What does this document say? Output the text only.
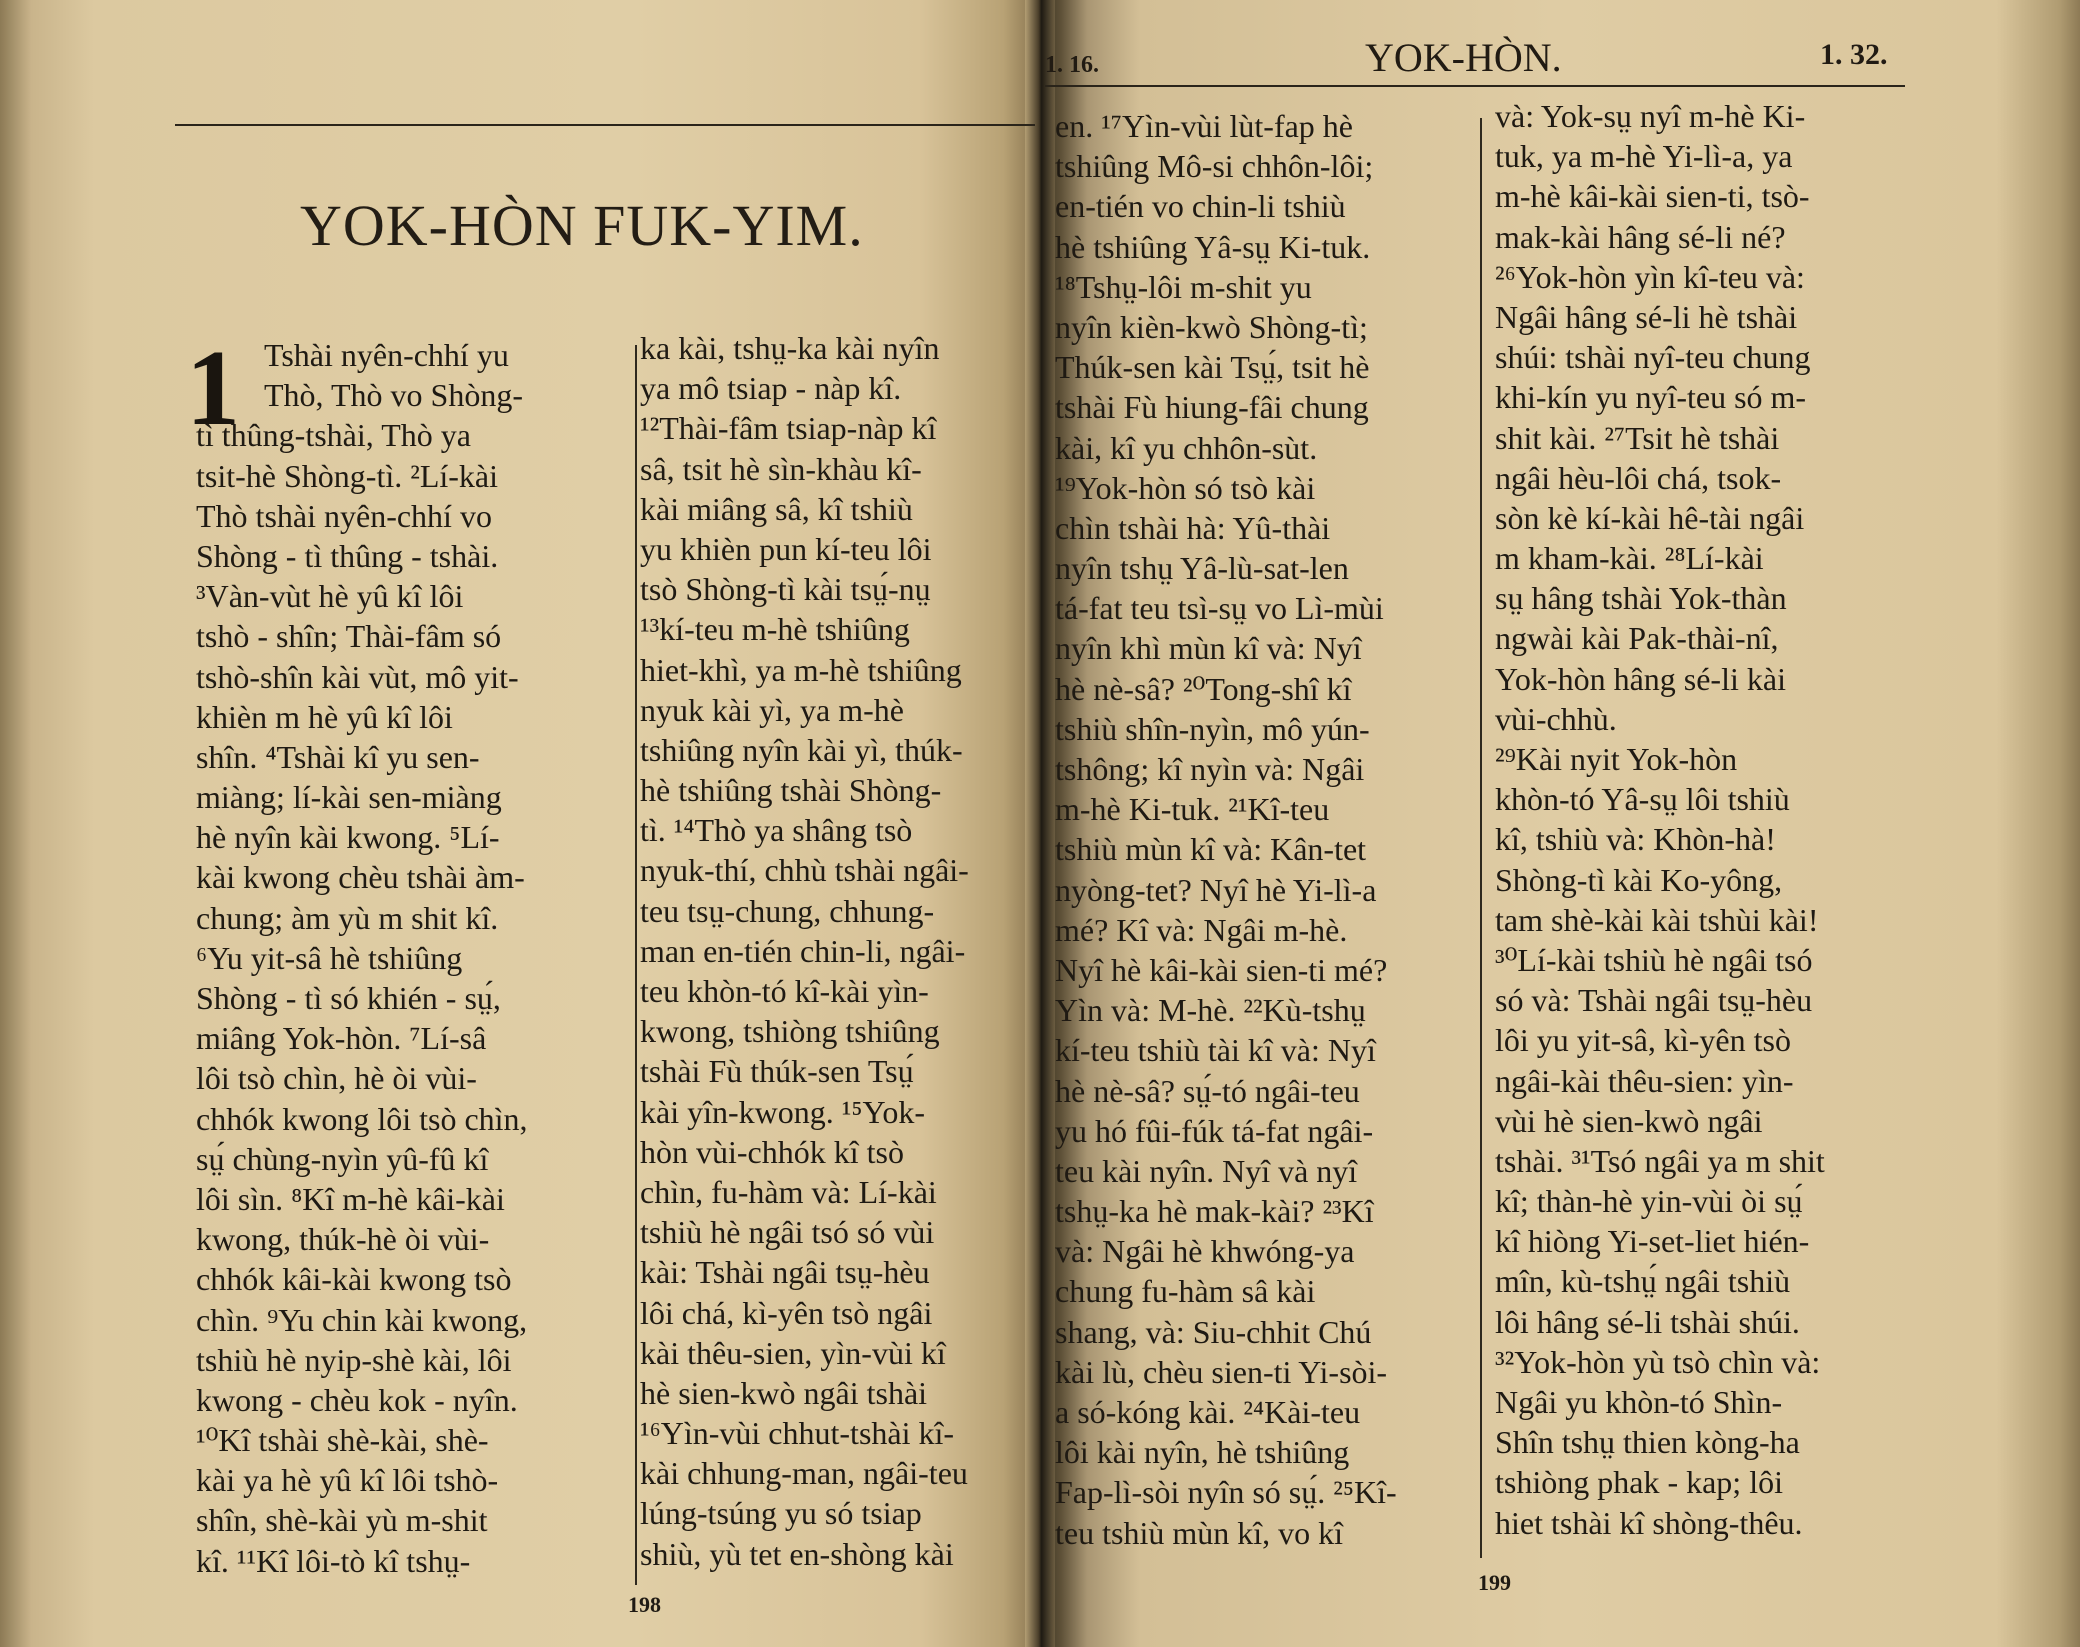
YOK-HÒN FUK-YIM.
1 Tshài nyên-chhí yu
Thò, Thò vo Shòng-
tì thûng-tshài, Thò ya
tsit-hè Shòng-tì. ²Lí-kài
Thò tshài nyên-chhí vo
Shòng - tì thûng - tshài.
³Vàn-vùt hè yû kî lôi
tshò - shîn; Thài-fâm só
tshò-shîn kài vùt, mô yit-
khièn m hè yû kî lôi
shîn. ⁴Tshài kî yu sen-
miàng; lí-kài sen-miàng
hè nyîn kài kwong. ⁵Lí-
kài kwong chèu tshài àm-
chung; àm yù m shit kî.
⁶Yu yit-sâ hè tshiûng
Shòng - tì só khién - sṳ́,
miâng Yok-hòn. ⁷Lí-sâ
lôi tsò chìn, hè òi vùi-
chhók kwong lôi tsò chìn,
sṳ́ chùng-nyìn yû-fû kî
lôi sìn. ⁸Kî m-hè kâi-kài
kwong, thúk-hè òi vùi-
chhók kâi-kài kwong tsò
chìn. ⁹Yu chin kài kwong,
tshiù hè nyip-shè kài, lôi
kwong - chèu kok - nyîn.
¹⁰Kî tshài shè-kài, shè-
kài ya hè yû kî lôi tshò-
shîn, shè-kài yù m-shit
kî. ¹¹Kî lôi-tò kî tshṳ-
ka kài, tshṳ-ka kài nyîn
ya mô tsiap - nàp kî.
¹²Thài-fâm tsiap-nàp kî
sâ, tsit hè sìn-khàu kî-
kài miâng sâ, kî tshiù
yu khièn pun kí-teu lôi
tsò Shòng-tì kài tsṳ́-nṳ
¹³kí-teu m-hè tshiûng
hiet-khì, ya m-hè tshiûng
nyuk kài yì, ya m-hè
tshiûng nyîn kài yì, thúk-
hè tshiûng tshài Shòng-
tì. ¹⁴Thò ya shâng tsò
nyuk-thí, chhù tshài ngâi-
teu tsṳ-chung, chhung-
man en-tién chin-li, ngâi-
teu khòn-tó kî-kài yìn-
kwong, tshiòng tshiûng
tshài Fù thúk-sen Tsṳ́
kài yîn-kwong. ¹⁵Yok-
hòn vùi-chhók kî tsò
chìn, fu-hàm và: Lí-kài
tshiù hè ngâi tsó só vùi
kài: Tshài ngâi tsṳ-hèu
lôi chá, kì-yên tsò ngâi
kài thêu-sien, yìn-vùi kî
hè sien-kwò ngâi tshài
¹⁶Yìn-vùi chhut-tshài kî-
kài chhung-man, ngâi-teu
lúng-tsúng yu só tsiap
shiù, yù tet en-shòng kài
198
1. 16.	YOK-HÒN.	1. 32.
en. ¹⁷Yìn-vùi lùt-fap hè
tshiûng Mô-si chhôn-lôi;
en-tién vo chin-li tshiù
hè tshiûng Yâ-sṳ Ki-tuk.
¹⁸Tshṳ-lôi m-shit yu
nyîn kièn-kwò Shòng-tì;
Thúk-sen kài Tsṳ́, tsit hè
tshài Fù hiung-fâi chung
kài, kî yu chhôn-sùt.
¹⁹Yok-hòn só tsò kài
chìn tshài hà: Yû-thài
nyîn tshṳ Yâ-lù-sat-len
tá-fat teu tsì-sṳ vo Lì-mùi
nyîn khì mùn kî và: Nyî
hè nè-sâ? ²⁰Tong-shî kî
tshiù shîn-nyìn, mô yún-
tshông; kî nyìn và: Ngâi
m-hè Ki-tuk. ²¹Kî-teu
tshiù mùn kî và: Kân-tet
nyòng-tet? Nyî hè Yi-lì-a
mé? Kî và: Ngâi m-hè.
Nyî hè kâi-kài sien-ti mé?
Yìn và: M-hè. ²²Kù-tshṳ
kí-teu tshiù tài kî và: Nyî
hè nè-sâ? sṳ́-tó ngâi-teu
yu hó fûi-fúk tá-fat ngâi-
teu kài nyîn. Nyî và nyî
tshṳ-ka hè mak-kài? ²³Kî
và: Ngâi hè khwóng-ya
chung fu-hàm sâ kài
shang, và: Siu-chhit Chú
kài lù, chèu sien-ti Yi-sòi-
a só-kóng kài. ²⁴Kài-teu
lôi kài nyîn, hè tshiûng
Fap-lì-sòi nyîn só sṳ́. ²⁵Kî-
teu tshiù mùn kî, vo kî
và: Yok-sṳ nyî m-hè Ki-
tuk, ya m-hè Yi-lì-a, ya
m-hè kâi-kài sien-ti, tsò-
mak-kài hâng sé-li né?
²⁶Yok-hòn yìn kî-teu và:
Ngâi hâng sé-li hè tshài
shúi: tshài nyî-teu chung
khi-kín yu nyî-teu só m-
shit kài. ²⁷Tsit hè tshài
ngâi hèu-lôi chá, tsok-
sòn kè kí-kài hê-tài ngâi
m kham-kài. ²⁸Lí-kài
sṳ hâng tshài Yok-thàn
ngwài kài Pak-thài-nî,
Yok-hòn hâng sé-li kài
vùi-chhù.
²⁹Kài nyit Yok-hòn
khòn-tó Yâ-sṳ lôi tshiù
kî, tshiù và: Khòn-hà!
Shòng-tì kài Ko-yông,
tam shè-kài kài tshùi kài!
³⁰Lí-kài tshiù hè ngâi tsó
só và: Tshài ngâi tsṳ-hèu
lôi yu yit-sâ, kì-yên tsò
ngâi-kài thêu-sien: yìn-
vùi hè sien-kwò ngâi
tshài. ³¹Tsó ngâi ya m shit
kî; thàn-hè yin-vùi òi sṳ́
kî hiòng Yi-set-liet hién-
mîn, kù-tshṳ́ ngâi tshiù
lôi hâng sé-li tshài shúi.
³²Yok-hòn yù tsò chìn và:
Ngâi yu khòn-tó Shìn-
Shîn tshṳ thien kòng-ha
tshiòng phak - kap; lôi
hiet tshài kî shòng-thêu.
199
